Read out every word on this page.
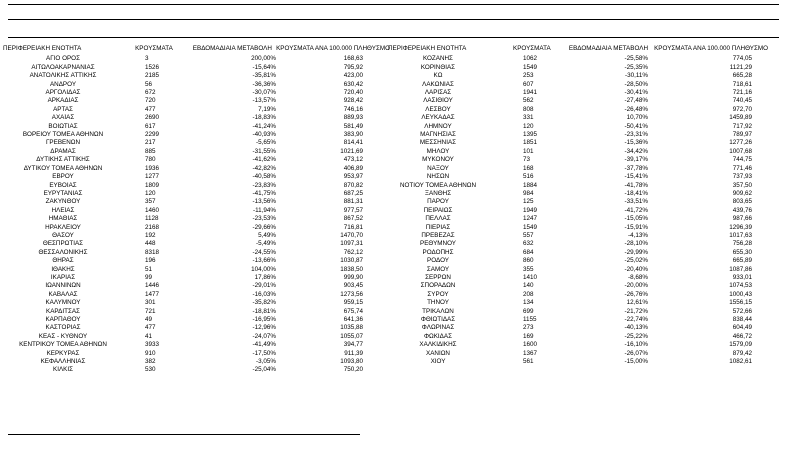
ΠΕΡΙΦΕΡΕΙΑΚΗ ΕΝΟΤΗΤΑ	ΚΡΟΥΣΜΑΤΑ	ΕΒΔΟΜΑΔΙΑΙΑ ΜΕΤΑΒΟΛΗ ΚΡΟΥΣΜΑΤΑ ΑΝΑ 100.000 ΠΛΗΘΥΣΜΟ
ΑΓΙΟ ΟΡΟΣ	3	200,00%	168,63
ΑΙΤΩΛΟΑΚΑΡΝΑΝΙΑΣ	1526	-15,64%	795,92
ΑΝΑΤΟΛΙΚΗΣ ΑΤΤΙΚΗΣ	2185	-35,81%	423,00
ΑΝΔΡΟΥ	56	-36,36%	630,42
ΑΡΓΟΛΙΔΑΣ	672	-30,07%	720,40
ΑΡΚΑΔΙΑΣ	720	-13,57%	928,42
ΑΡΤΑΣ	477	7,19%	746,16
ΑΧΑΪΑΣ	2690	-18,83%	889,93
ΒΟΙΩΤΙΑΣ	617	-41,24%	581,49
ΒΟΡΕΙΟΥ ΤΟΜΕΑ ΑΘΗΝΩΝ	2299	-40,93%	383,90
ΓΡΕΒΕΝΩΝ	217	-5,65%	814,41
ΔΡΑΜΑΣ	885	-31,55%	1021,69
ΔΥΤΙΚΗΣ ΑΤΤΙΚΗΣ	780	-41,62%	473,12
ΔΥΤΙΚΟΥ ΤΟΜΕΑ ΑΘΗΝΩΝ	1936	-42,82%	406,89
ΕΒΡΟΥ	1277	-40,58%	953,97
ΕΥΒΟΙΑΣ	1809	-23,83%	870,82
ΕΥΡΥΤΑΝΙΑΣ	120	-41,75%	687,25
ΖΑΚΥΝΘΟΥ	357	-13,56%	881,31
ΗΛΕΙΑΣ	1460	-11,94%	977,57
ΗΜΑΘΙΑΣ	1128	-23,53%	867,52
ΗΡΑΚΛΕΙΟΥ	2168	-29,66%	716,81
ΘΑΣΟΥ	192	5,49%	1470,70
ΘΕΣΠΡΩΤΙΑΣ	448	-5,49%	1097,31
ΘΕΣΣΑΛΟΝΙΚΗΣ	8318	-24,55%	762,12
ΘΗΡΑΣ	196	-13,66%	1030,87
ΙΘΑΚΗΣ	51	104,00%	1838,50
ΙΚΑΡΙΑΣ	99	17,86%	999,90
ΙΩΑΝΝΙΝΩΝ	1446	-29,01%	903,45
ΚΑΒΑΛΑΣ	1477	-16,03%	1273,56
ΚΑΛΥΜΝΟΥ	301	-35,82%	959,15
ΚΑΡΔΙΤΣΑΣ	721	-18,81%	675,74
ΚΑΡΠΑΘΟΥ	49	-16,95%	641,36
ΚΑΣΤΟΡΙΑΣ	477	-12,96%	1035,88
ΚΕΑΣ - ΚΥΘΝΟΥ	41	-24,07%	1055,07
ΚΕΝΤΡΙΚΟΥ ΤΟΜΕΑ ΑΘΗΝΩΝ	3933	-41,49%	394,77
ΚΕΡΚΥΡΑΣ	910	-17,50%	911,39
ΚΕΦΑΛΛΗΝΙΑΣ	382	-3,05%	1093,80
ΚΙΛΚΙΣ	530	-25,04%	750,20
ΠΕΡΙΦΕΡΕΙΑΚΗ ΕΝΟΤΗΤΑ	ΚΡΟΥΣΜΑΤΑ	ΕΒΔΟΜΑΔΙΑΙΑ ΜΕΤΑΒΟΛΗ ΚΡΟΥΣΜΑΤΑ ΑΝΑ 100.000 ΠΛΗΘΥΣΜΟ
ΚΟΖΑΝΗΣ	1062	-25,58%	774,05
ΚΟΡΙΝΘΙΑΣ	1549	-25,35%	1121,29
ΚΩ	253	-30,11%	665,28
ΛΑΚΩΝΙΑΣ	607	-28,50%	718,61
ΛΑΡΙΣΑΣ	1941	-30,41%	721,16
ΛΑΣΙΘΙΟΥ	562	-27,48%	740,45
ΛΕΣΒΟΥ	808	-26,48%	972,70
ΛΕΥΚΑΔΑΣ	331	10,70%	1459,89
ΛΗΜΝΟΥ	120	-50,41%	717,92
ΜΑΓΝΗΣΙΑΣ	1395	-23,31%	789,97
ΜΕΣΣΗΝΙΑΣ	1851	-15,36%	1277,26
ΜΗΛΟΥ	101	-34,42%	1007,68
ΜΥΚΟΝΟΥ	73	-39,17%	744,75
ΝΑΞΟΥ	168	-37,78%	771,46
ΝΗΣΩΝ	516	-15,41%	737,93
ΝΟΤΙΟΥ ΤΟΜΕΑ ΑΘΗΝΩΝ	1884	-41,78%	357,50
ΞΑΝΘΗΣ	984	-18,41%	909,62
ΠΑΡΟΥ	125	-33,51%	803,65
ΠΕΙΡΑΙΩΣ	1949	-41,72%	439,76
ΠΕΛΛΑΣ	1247	-15,05%	987,66
ΠΙΕΡΙΑΣ	1549	-15,91%	1296,39
ΠΡΕΒΕΖΑΣ	557	-4,13%	1017,63
ΡΕΘΥΜΝΟΥ	632	-28,10%	756,28
ΡΟΔΟΠΗΣ	684	-29,99%	655,30
ΡΟΔΟΥ	860	-25,02%	665,89
ΣΑΜΟΥ	355	-20,40%	1087,86
ΣΕΡΡΩΝ	1410	-8,68%	933,01
ΣΠΟΡΑΔΩΝ	140	-20,00%	1074,53
ΣΥΡΟΥ	208	-26,76%	1000,43
ΤΗΝΟΥ	134	12,61%	1556,15
ΤΡΙΚΑΛΩΝ	699	-21,72%	572,66
ΦΘΙΩΤΙΔΑΣ	1155	-22,74%	838,44
ΦΛΩΡΙΝΑΣ	273	-40,13%	604,49
ΦΩΚΙΔΑΣ	169	-25,22%	466,72
ΧΑΛΚΙΔΙΚΗΣ	1600	-16,10%	1579,09
ΧΑΝΙΩΝ	1367	-26,07%	879,42
ΧΙΟΥ	561	-15,00%	1082,61
